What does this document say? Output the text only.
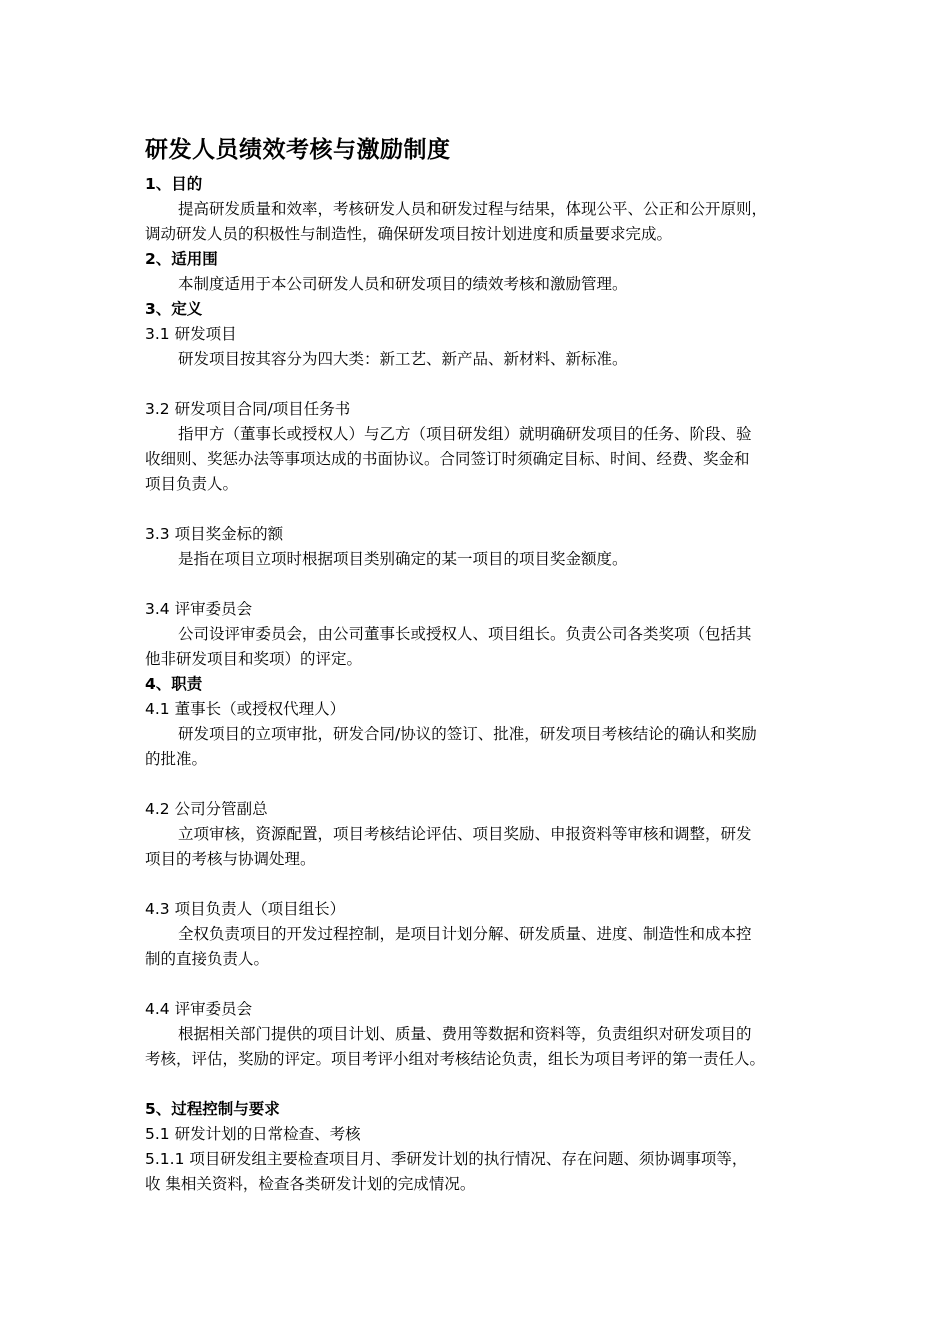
研发人员绩效考核与激励制度

1、目的

提高研发质量和效率，考核研发人员和研发过程与结果，体现公平、公正和公开原则，

调动研发人员的积极性与制造性，确保研发项目按计划进度和质量要求完成。

2、适用围

本制度适用于本公司研发人员和研发项目的绩效考核和激励管理。

3、定义

3.1 研发项目

研发项目按其容分为四大类：新工艺、新产品、新材料、新标准。

3.2 研发项目合同/项目任务书

指甲方（董事长或授权人）与乙方（项目研发组）就明确研发项目的任务、阶段、验

收细则、奖惩办法等事项达成的书面协议。合同签订时须确定目标、时间、经费、奖金和

项目负责人。

3.3 项目奖金标的额

是指在项目立项时根据项目类别确定的某一项目的项目奖金额度。

3.4 评审委员会

公司设评审委员会，由公司董事长或授权人、项目组长。负责公司各类奖项（包括其

他非研发项目和奖项）的评定。

4、职责

4.1 董事长（或授权代理人）

研发项目的立项审批，研发合同/协议的签订、批准，研发项目考核结论的确认和奖励

的批准。

4.2 公司分管副总

立项审核，资源配置，项目考核结论评估、项目奖励、申报资料等审核和调整，研发

项目的考核与协调处理。

4.3 项目负责人（项目组长）

全权负责项目的开发过程控制，是项目计划分解、研发质量、进度、制造性和成本控

制的直接负责人。

4.4 评审委员会

根据相关部门提供的项目计划、质量、费用等数据和资料等，负责组织对研发项目的

考核，评估，奖励的评定。项目考评小组对考核结论负责，组长为项目考评的第一责任人。

5、过程控制与要求

5.1 研发计划的日常检查、考核

5.1.1 项目研发组主要检查项目月、季研发计划的执行情况、存在问题、须协调事项等，

收 集相关资料，检查各类研发计划的完成情况。
